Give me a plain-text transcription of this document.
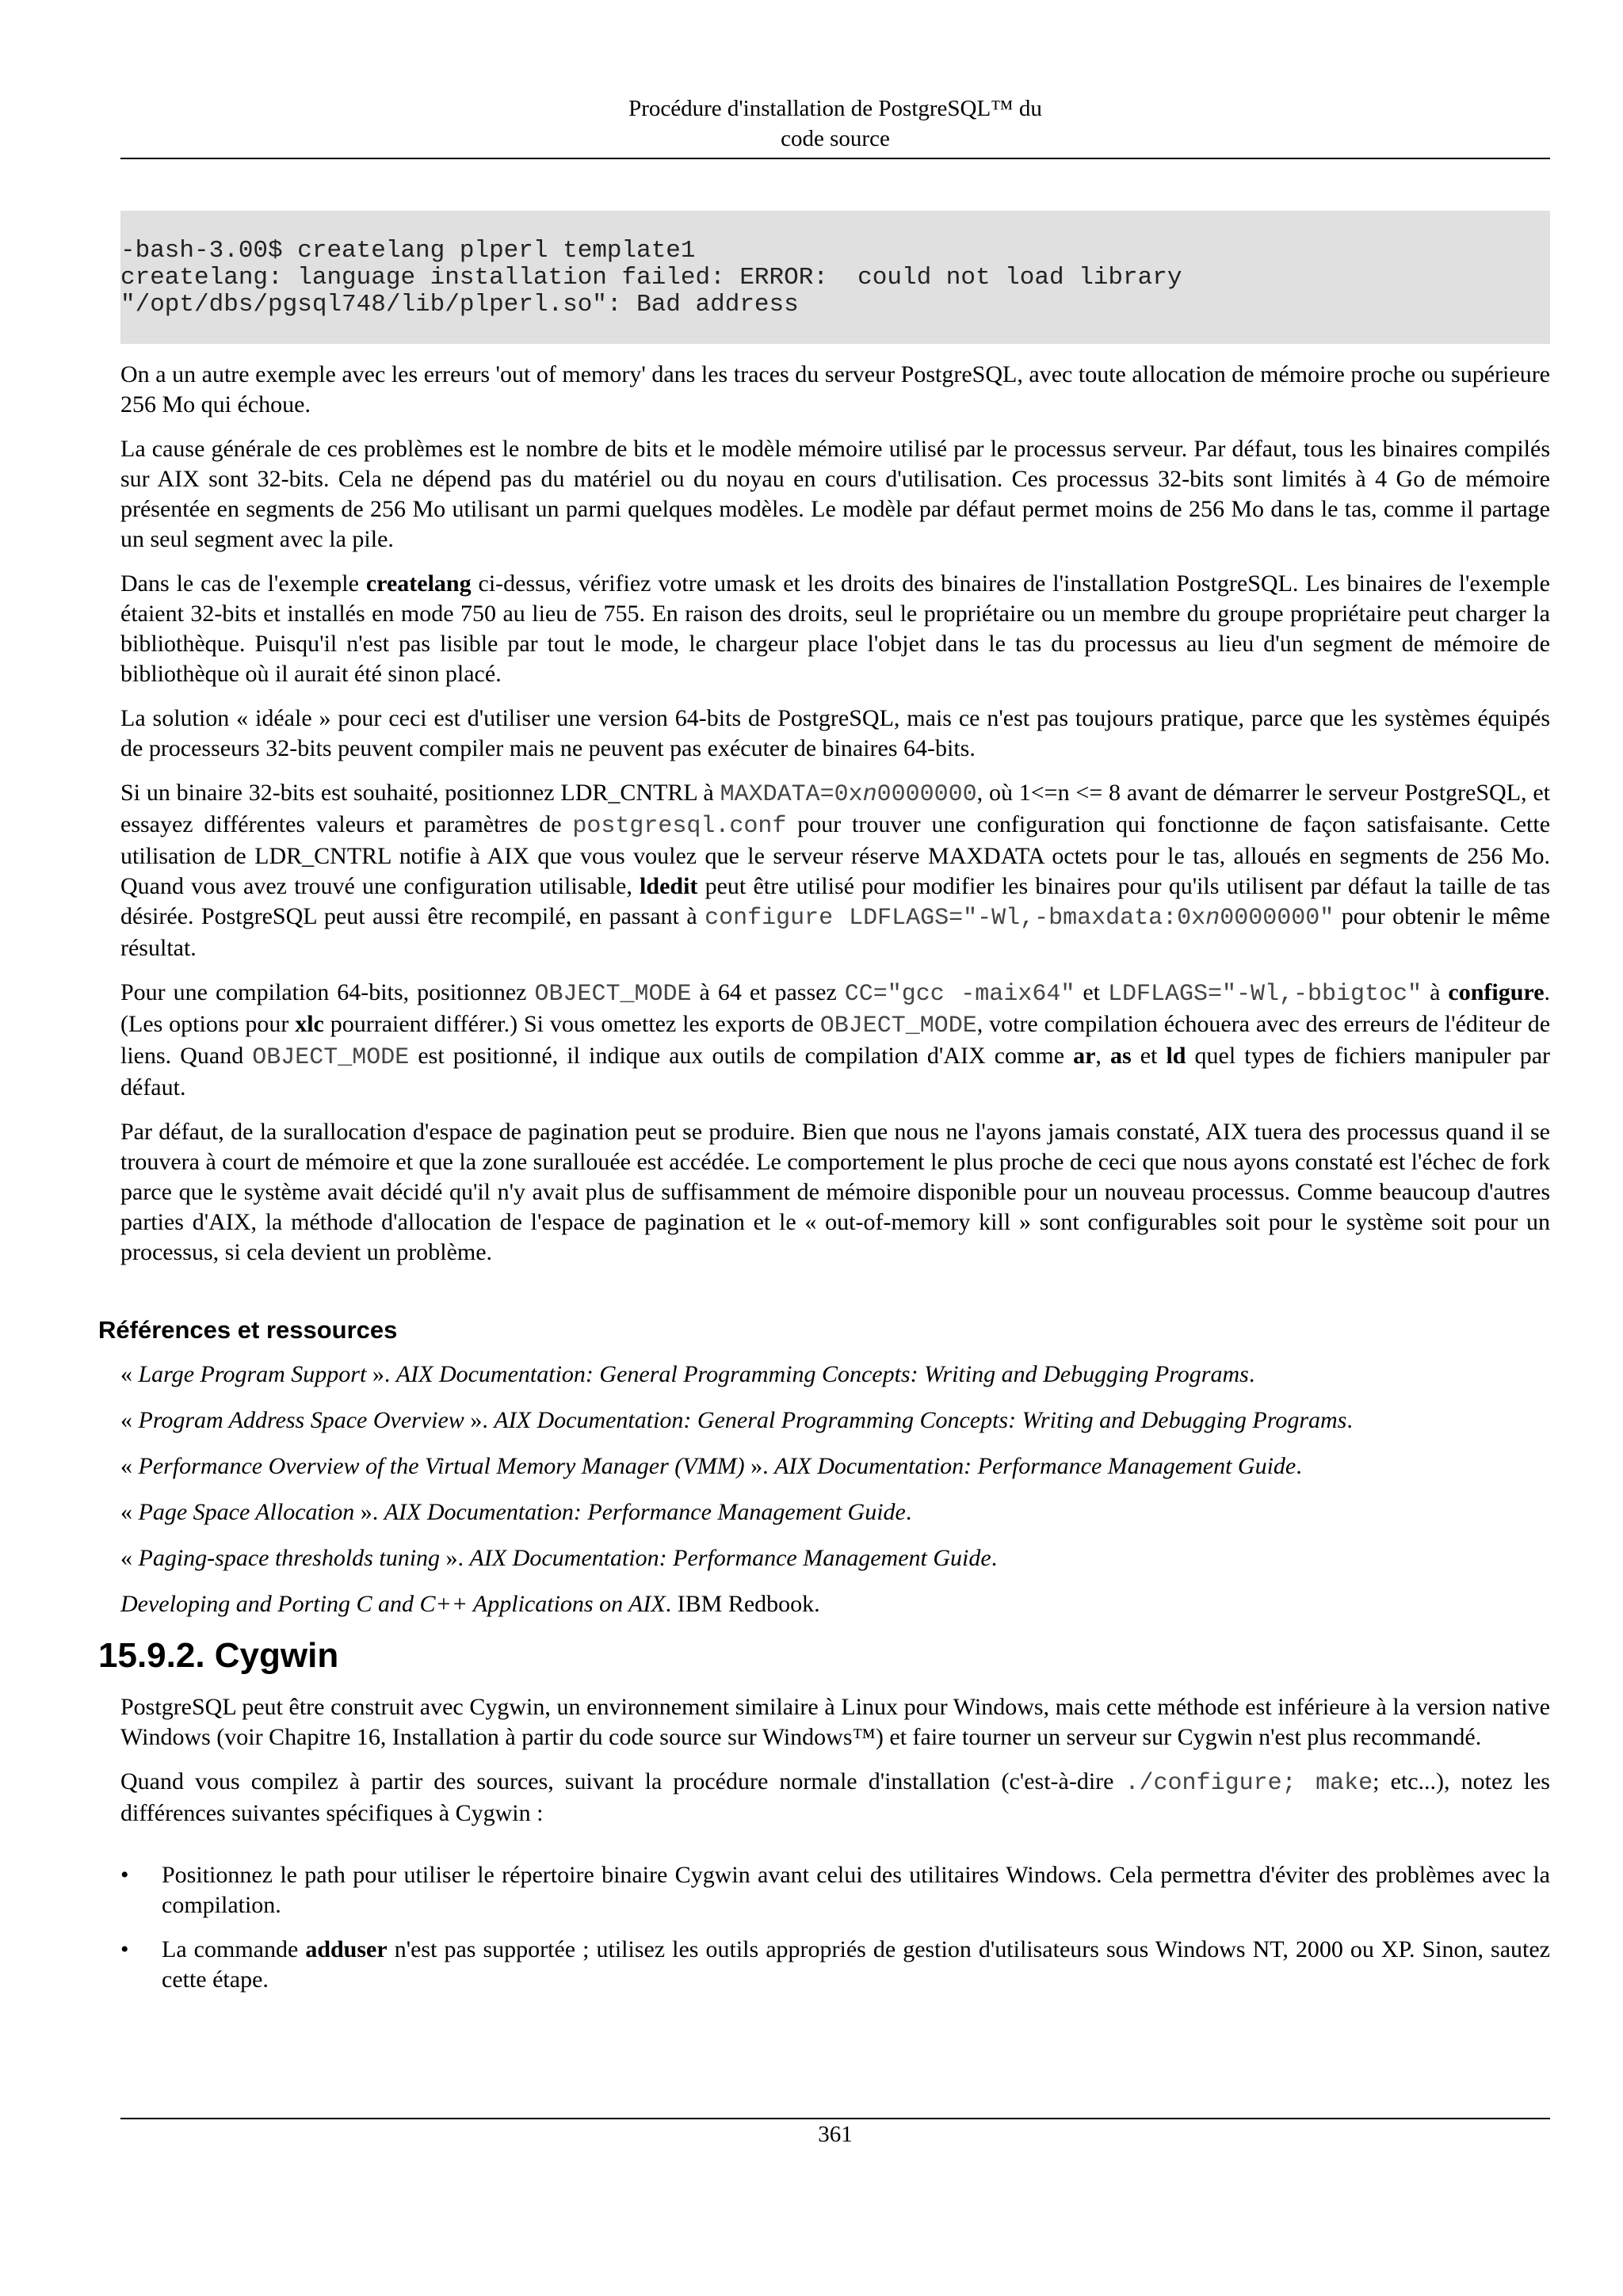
Procédure d'installation de PostgreSQL™ du
code source
-bash-3.00$ createlang plperl template1
createlang: language installation failed: ERROR:  could not load library
"/opt/dbs/pgsql748/lib/plperl.so": Bad address

On a un autre exemple avec les erreurs 'out of memory' dans les traces du serveur PostgreSQL, avec toute allocation de mémoire proche ou supérieure 256 Mo qui échoue.

La cause générale de ces problèmes est le nombre de bits et le modèle mémoire utilisé par le processus serveur. Par défaut, tous les binaires compilés sur AIX sont 32-bits. Cela ne dépend pas du matériel ou du noyau en cours d'utilisation. Ces processus 32-bits sont limités à 4 Go de mémoire présentée en segments de 256 Mo utilisant un parmi quelques modèles. Le modèle par défaut permet moins de 256 Mo dans le tas, comme il partage un seul segment avec la pile.

Dans le cas de l'exemple createlang ci-dessus, vérifiez votre umask et les droits des binaires de l'installation PostgreSQL. Les binaires de l'exemple étaient 32-bits et installés en mode 750 au lieu de 755. En raison des droits, seul le propriétaire ou un membre du groupe propriétaire peut charger la bibliothèque. Puisqu'il n'est pas lisible par tout le mode, le chargeur place l'objet dans le tas du processus au lieu d'un segment de mémoire de bibliothèque où il aurait été sinon placé.

La solution « idéale » pour ceci est d'utiliser une version 64-bits de PostgreSQL, mais ce n'est pas toujours pratique, parce que les systèmes équipés de processeurs 32-bits peuvent compiler mais ne peuvent pas exécuter de binaires 64-bits.

Si un binaire 32-bits est souhaité, positionnez LDR_CNTRL à MAXDATA=0xn0000000, où 1<=n <= 8 avant de démarrer le serveur PostgreSQL, et essayez différentes valeurs et paramètres de postgresql.conf pour trouver une configuration qui fonctionne de façon satisfaisante. Cette utilisation de LDR_CNTRL notifie à AIX que vous voulez que le serveur réserve MAXDATA octets pour le tas, alloués en segments de 256 Mo. Quand vous avez trouvé une configuration utilisable, ldedit peut être utilisé pour modifier les binaires pour qu'ils utilisent par défaut la taille de tas désirée. PostgreSQL peut aussi être recompilé, en passant à configure LDFLAGS="-Wl,-bmaxdata:0xn0000000" pour obtenir le même résultat.

Pour une compilation 64-bits, positionnez OBJECT_MODE à 64 et passez CC="gcc -maix64" et LDFLAGS="-Wl,-bbigtoc" à configure. (Les options pour xlc pourraient différer.) Si vous omettez les exports de OBJECT_MODE, votre compilation échouera avec des erreurs de l'éditeur de liens. Quand OBJECT_MODE est positionné, il indique aux outils de compilation d'AIX comme ar, as et ld quel types de fichiers manipuler par défaut.

Par défaut, de la surallocation d'espace de pagination peut se produire. Bien que nous ne l'ayons jamais constaté, AIX tuera des processus quand il se trouvera à court de mémoire et que la zone surallouée est accédée. Le comportement le plus proche de ceci que nous ayons constaté est l'échec de fork parce que le système avait décidé qu'il n'y avait plus de suffisamment de mémoire disponible pour un nouveau processus. Comme beaucoup d'autres parties d'AIX, la méthode d'allocation de l'espace de pagination et le « out-of-memory kill » sont configurables soit pour le système soit pour un processus, si cela devient un problème.

Références et ressources
« Large Program Support ». AIX Documentation: General Programming Concepts: Writing and Debugging Programs.
« Program Address Space Overview ». AIX Documentation: General Programming Concepts: Writing and Debugging Programs.
« Performance Overview of the Virtual Memory Manager (VMM) ». AIX Documentation: Performance Management Guide.
« Page Space Allocation ». AIX Documentation: Performance Management Guide.
« Paging-space thresholds tuning ». AIX Documentation: Performance Management Guide.
Developing and Porting C and C++ Applications on AIX. IBM Redbook.
15.9.2. Cygwin

PostgreSQL peut être construit avec Cygwin, un environnement similaire à Linux pour Windows, mais cette méthode est inférieure à la version native Windows (voir Chapitre 16, Installation à partir du code source sur Windows™) et faire tourner un serveur sur Cygwin n'est plus recommandé.

Quand vous compilez à partir des sources, suivant la procédure normale d'installation (c'est-à-dire ./configure; make; etc...), notez les différences suivantes spécifiques à Cygwin :

• Positionnez le path pour utiliser le répertoire binaire Cygwin avant celui des utilitaires Windows. Cela permettra d'éviter des problèmes avec la compilation.
• La commande adduser n'est pas supportée ; utilisez les outils appropriés de gestion d'utilisateurs sous Windows NT, 2000 ou XP. Sinon, sautez cette étape.
361
